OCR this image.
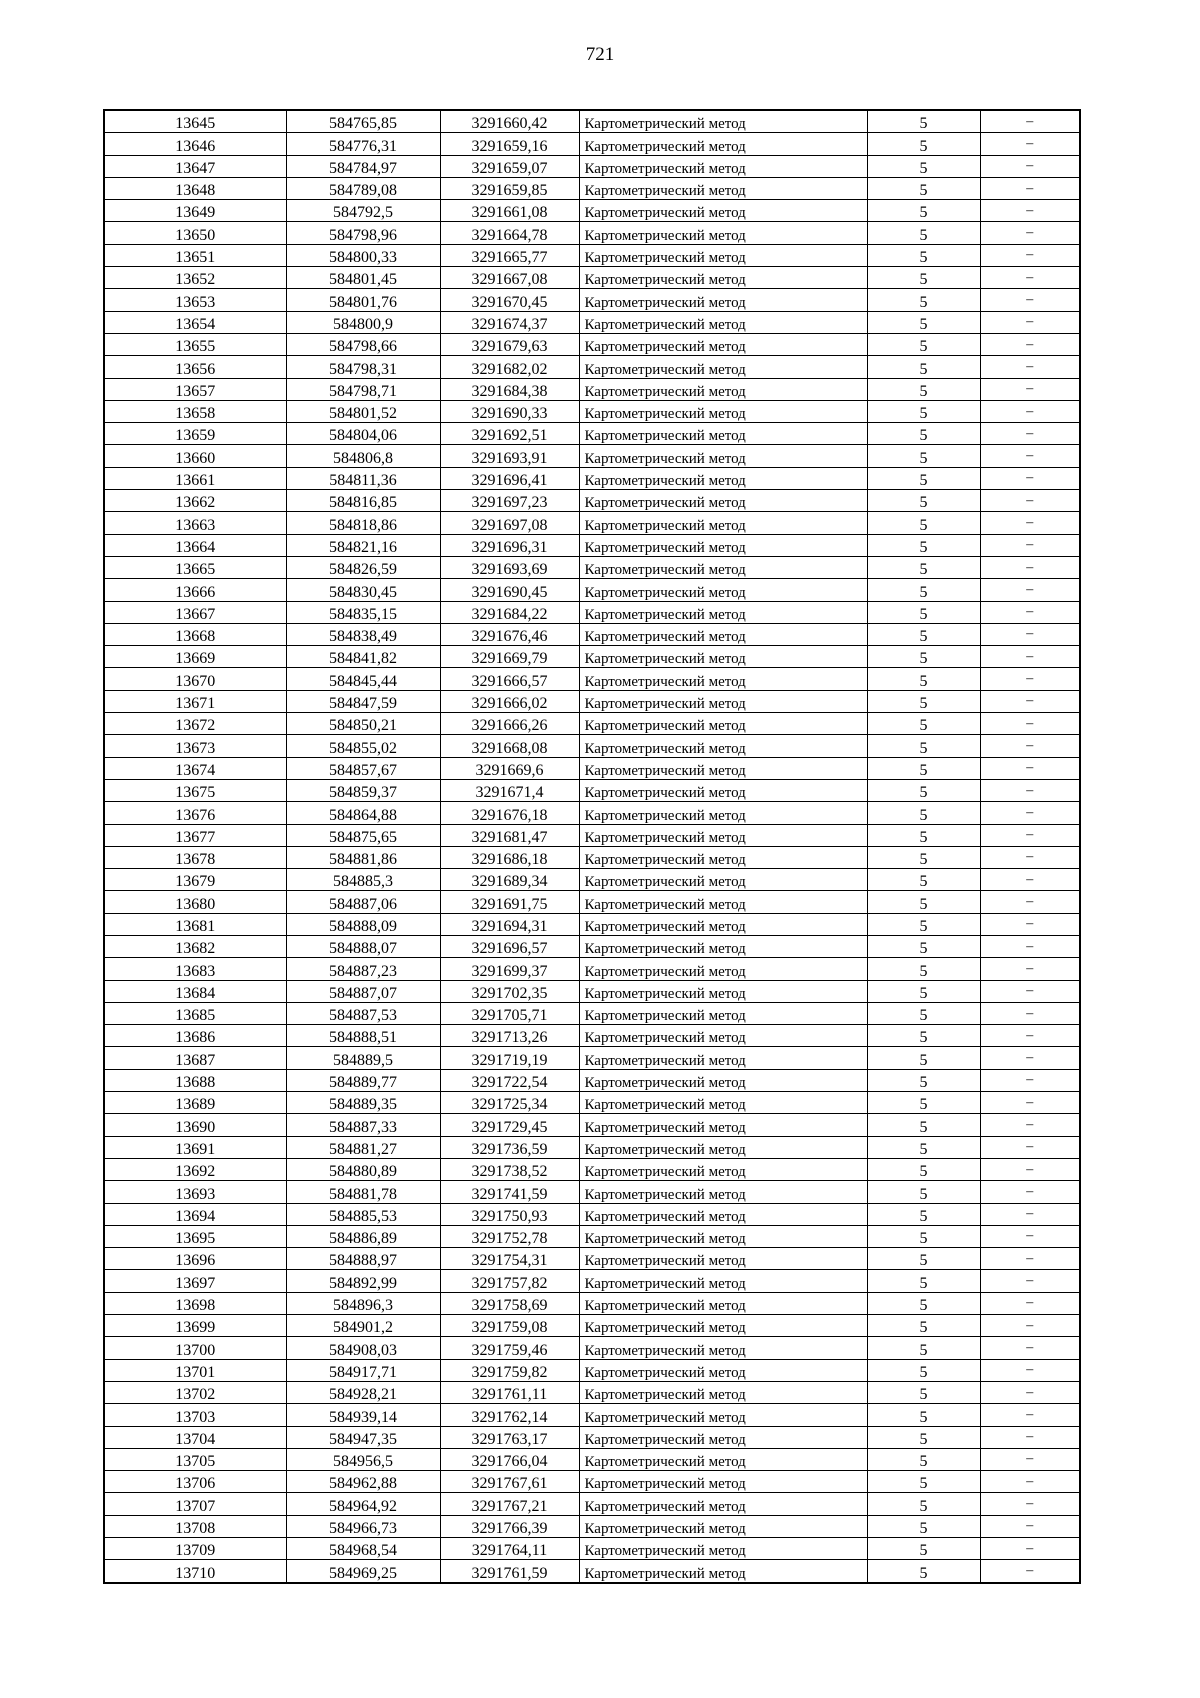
721
13645	584765,85	3291660,42	Картометрический метод	5	–
13646	584776,31	3291659,16	Картометрический метод	5	–
13647	584784,97	3291659,07	Картометрический метод	5	–
13648	584789,08	3291659,85	Картометрический метод	5	–
13649	584792,5	3291661,08	Картометрический метод	5	–
13650	584798,96	3291664,78	Картометрический метод	5	–
13651	584800,33	3291665,77	Картометрический метод	5	–
13652	584801,45	3291667,08	Картометрический метод	5	–
13653	584801,76	3291670,45	Картометрический метод	5	–
13654	584800,9	3291674,37	Картометрический метод	5	–
13655	584798,66	3291679,63	Картометрический метод	5	–
13656	584798,31	3291682,02	Картометрический метод	5	–
13657	584798,71	3291684,38	Картометрический метод	5	–
13658	584801,52	3291690,33	Картометрический метод	5	–
13659	584804,06	3291692,51	Картометрический метод	5	–
13660	584806,8	3291693,91	Картометрический метод	5	–
13661	584811,36	3291696,41	Картометрический метод	5	–
13662	584816,85	3291697,23	Картометрический метод	5	–
13663	584818,86	3291697,08	Картометрический метод	5	–
13664	584821,16	3291696,31	Картометрический метод	5	–
13665	584826,59	3291693,69	Картометрический метод	5	–
13666	584830,45	3291690,45	Картометрический метод	5	–
13667	584835,15	3291684,22	Картометрический метод	5	–
13668	584838,49	3291676,46	Картометрический метод	5	–
13669	584841,82	3291669,79	Картометрический метод	5	–
13670	584845,44	3291666,57	Картометрический метод	5	–
13671	584847,59	3291666,02	Картометрический метод	5	–
13672	584850,21	3291666,26	Картометрический метод	5	–
13673	584855,02	3291668,08	Картометрический метод	5	–
13674	584857,67	3291669,6	Картометрический метод	5	–
13675	584859,37	3291671,4	Картометрический метод	5	–
13676	584864,88	3291676,18	Картометрический метод	5	–
13677	584875,65	3291681,47	Картометрический метод	5	–
13678	584881,86	3291686,18	Картометрический метод	5	–
13679	584885,3	3291689,34	Картометрический метод	5	–
13680	584887,06	3291691,75	Картометрический метод	5	–
13681	584888,09	3291694,31	Картометрический метод	5	–
13682	584888,07	3291696,57	Картометрический метод	5	–
13683	584887,23	3291699,37	Картометрический метод	5	–
13684	584887,07	3291702,35	Картометрический метод	5	–
13685	584887,53	3291705,71	Картометрический метод	5	–
13686	584888,51	3291713,26	Картометрический метод	5	–
13687	584889,5	3291719,19	Картометрический метод	5	–
13688	584889,77	3291722,54	Картометрический метод	5	–
13689	584889,35	3291725,34	Картометрический метод	5	–
13690	584887,33	3291729,45	Картометрический метод	5	–
13691	584881,27	3291736,59	Картометрический метод	5	–
13692	584880,89	3291738,52	Картометрический метод	5	–
13693	584881,78	3291741,59	Картометрический метод	5	–
13694	584885,53	3291750,93	Картометрический метод	5	–
13695	584886,89	3291752,78	Картометрический метод	5	–
13696	584888,97	3291754,31	Картометрический метод	5	–
13697	584892,99	3291757,82	Картометрический метод	5	–
13698	584896,3	3291758,69	Картометрический метод	5	–
13699	584901,2	3291759,08	Картометрический метод	5	–
13700	584908,03	3291759,46	Картометрический метод	5	–
13701	584917,71	3291759,82	Картометрический метод	5	–
13702	584928,21	3291761,11	Картометрический метод	5	–
13703	584939,14	3291762,14	Картометрический метод	5	–
13704	584947,35	3291763,17	Картометрический метод	5	–
13705	584956,5	3291766,04	Картометрический метод	5	–
13706	584962,88	3291767,61	Картометрический метод	5	–
13707	584964,92	3291767,21	Картометрический метод	5	–
13708	584966,73	3291766,39	Картометрический метод	5	–
13709	584968,54	3291764,11	Картометрический метод	5	–
13710	584969,25	3291761,59	Картометрический метод	5	–
